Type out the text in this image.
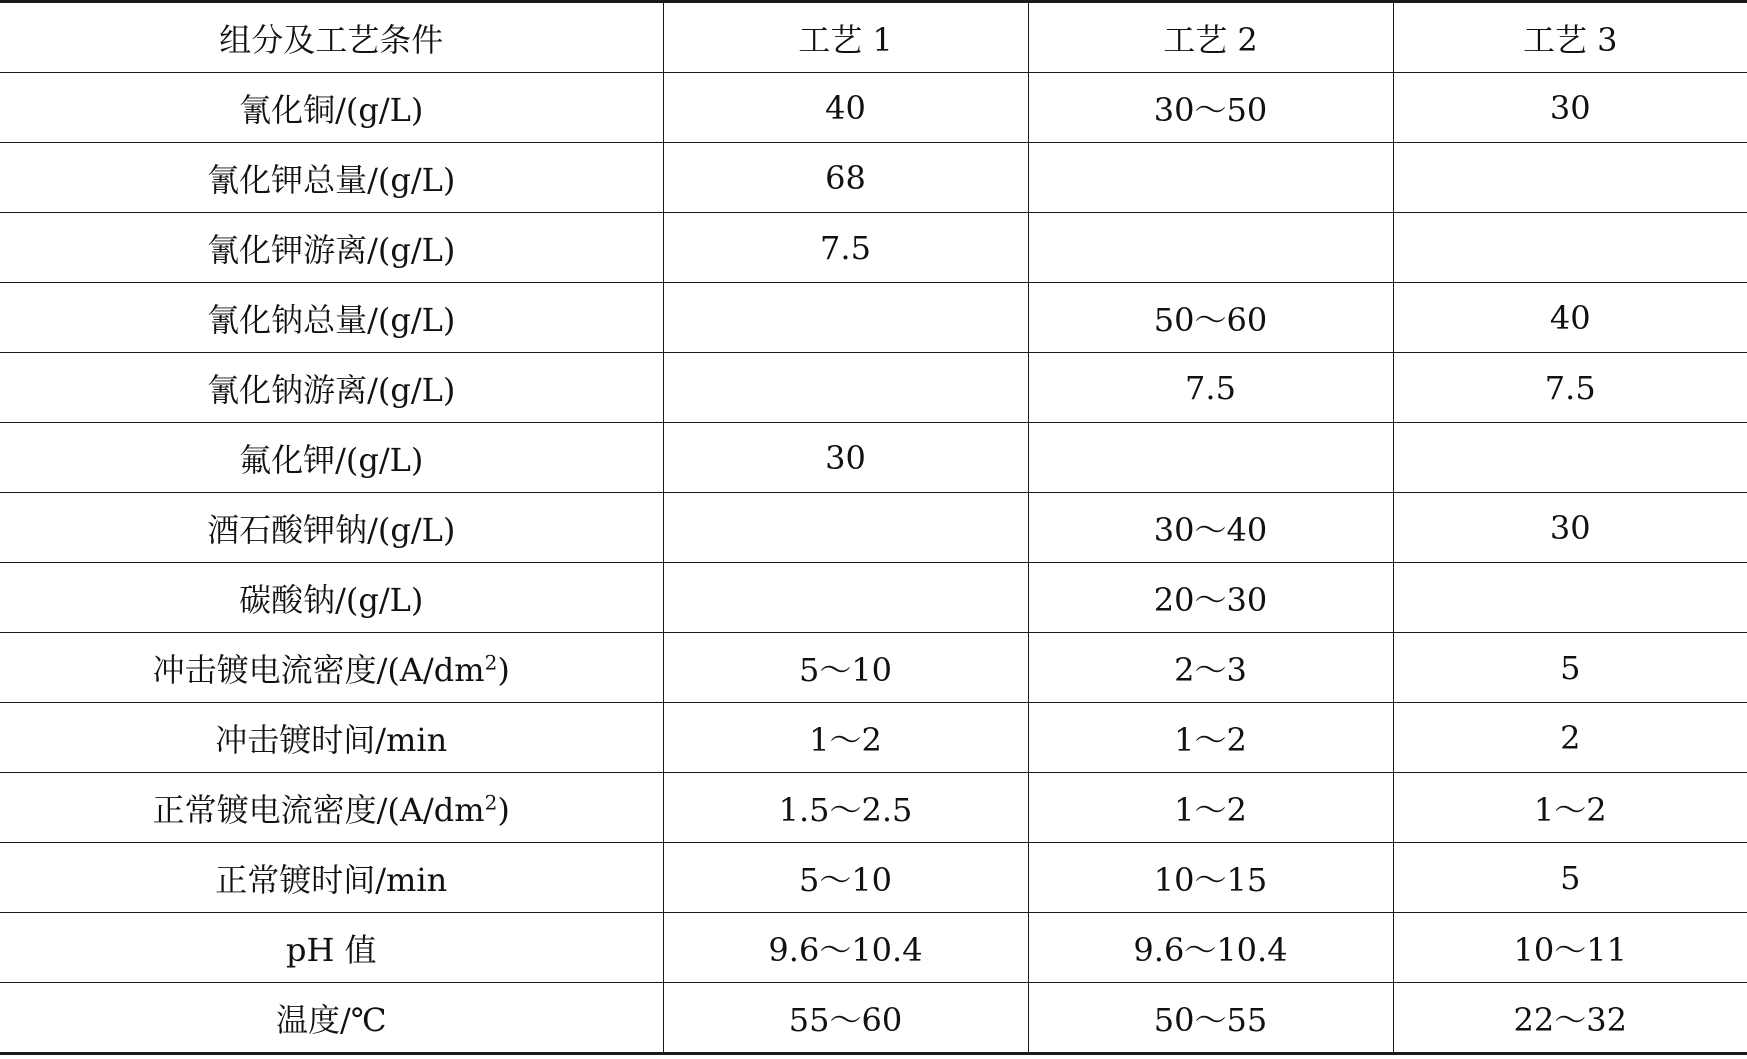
组分及工艺条件	工艺 1	工艺 2	工艺 3
氰化铜/(g/L)	40	30～50	30
氰化钾总量/(g/L)	68		
氰化钾游离/(g/L)	7.5		
氰化钠总量/(g/L)		50～60	40
氰化钠游离/(g/L)		7.5	7.5
氟化钾/(g/L)	30		
酒石酸钾钠/(g/L)		30～40	30
碳酸钠/(g/L)		20～30	
冲击镀电流密度$/(A/dm^2)$	5～10	2～3	5
冲击镀时间/min	1～2	1～2	2
正常镀电流密度$/(A/dm^2)$	1.5～2.5	1～2	1～2
正常镀时间/min	5～10	10～15	5
pH 值	9.6～10.4	9.6～10.4	10～11
温度/℃	55～60	50～55	22～32
